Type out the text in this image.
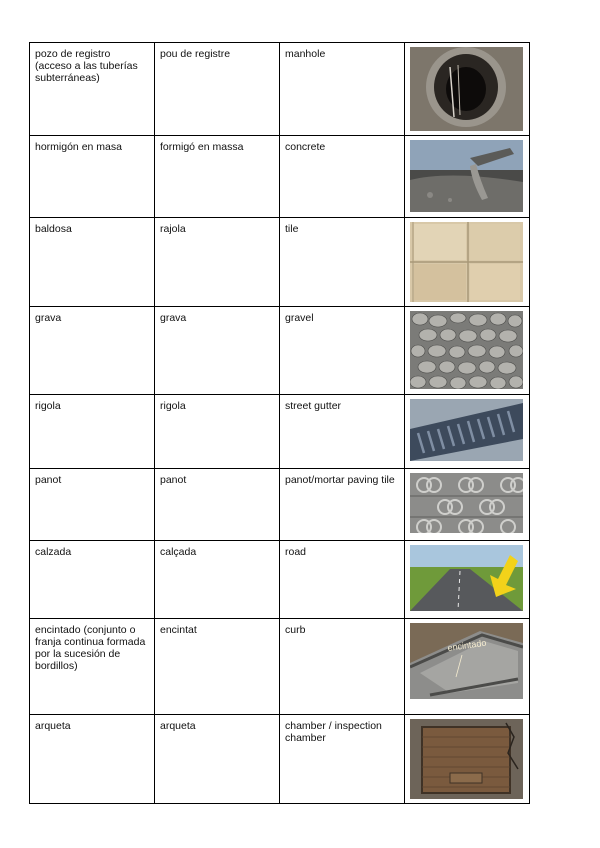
pozo de registro (acceso a las tuberías subterráneas)	pou de registre	manhole	

hormigón en masa	formigó en massa	concrete	

baldosa	rajola	tile	

grava	grava	gravel	

rigola	rigola	street gutter	

panot	panot	panot/mortar paving tile	

calzada	calçada	road	

encintado (conjunto o franja continua formada por la sucesión de bordillos)	encintat	curb	encintado

arqueta	arqueta	chamber / inspection chamber	
